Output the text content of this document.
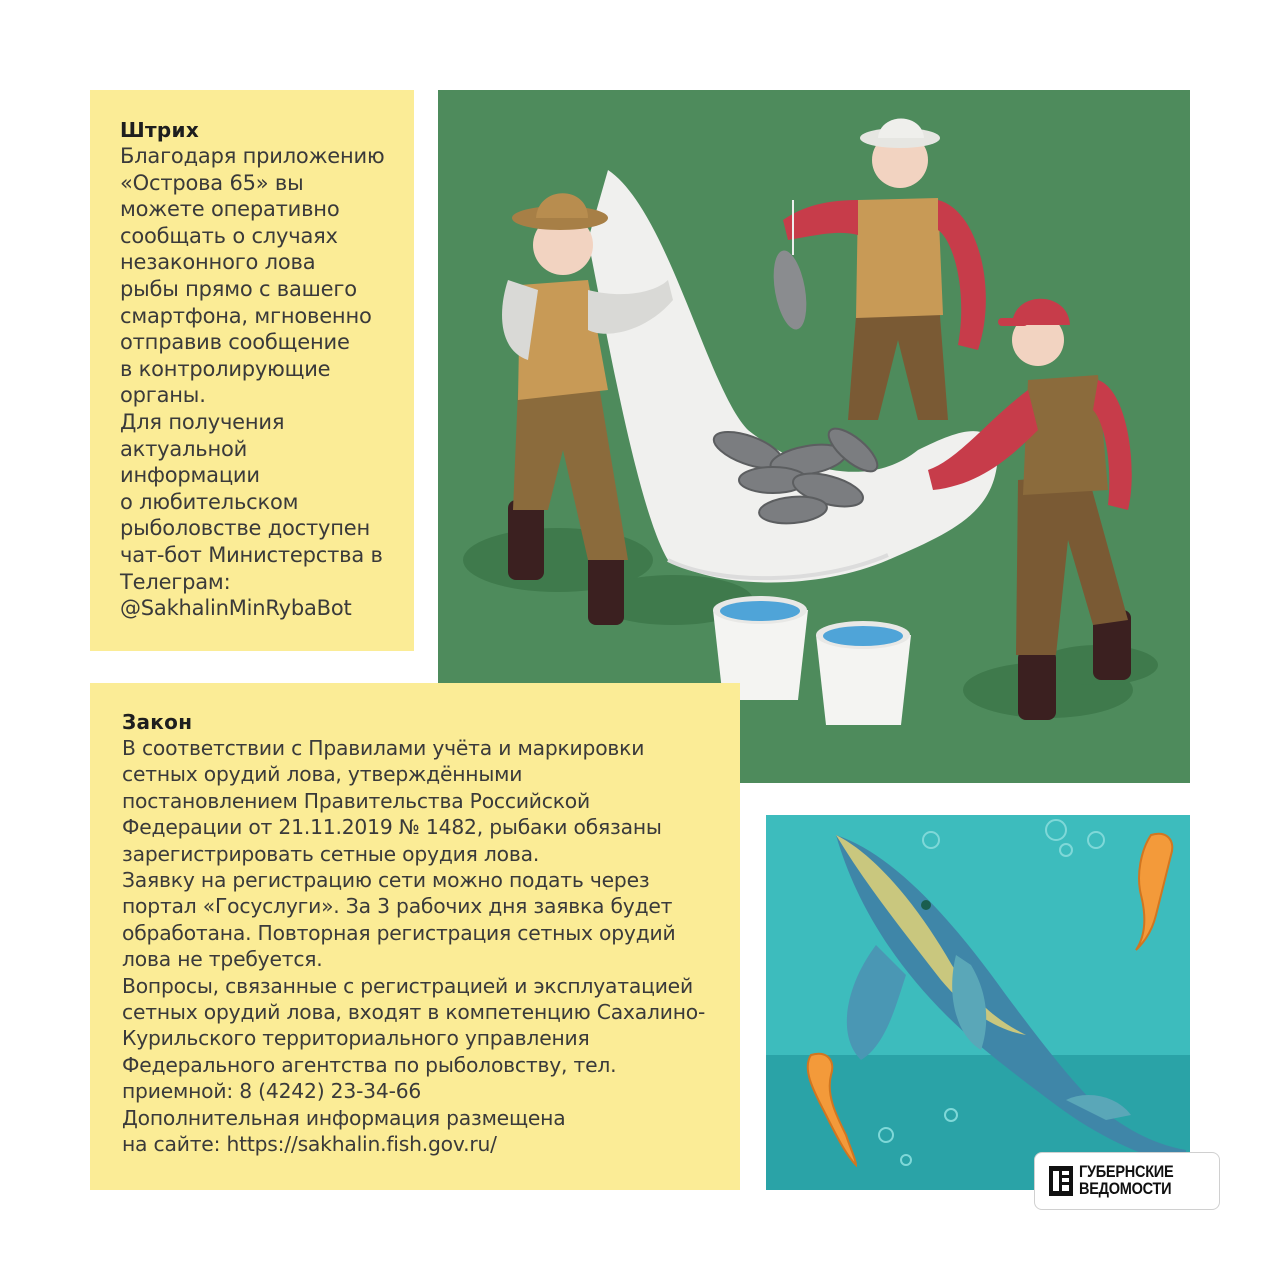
Штрих
Благодаря приложению
«Острова 65» вы
можете оперативно
сообщать о случаях
незаконного лова
рыбы прямо с вашего
смартфона, мгновенно
отправив сообщение
в контролирующие
органы.
Для получения
актуальной
информации
о любительском
рыболовстве доступен
чат-бот Министерства в
Телеграм:
@SakhalinMinRybaBot
Закон
В соответствии с Правилами учёта и маркировки
сетных орудий лова, утверждёнными
постановлением Правительства Российской
Федерации от 21.11.2019 № 1482, рыбаки обязаны
зарегистрировать сетные орудия лова.
Заявку на регистрацию сети можно подать через
портал «Госуслуги». За 3 рабочих дня заявка будет
обработана. Повторная регистрация сетных орудий
лова не требуется.
Вопросы, связанные с регистрацией и эксплуатацией
сетных орудий лова, входят в компетенцию Сахалино-
Курильского территориального управления
Федерального агентства по рыболовству, тел.
приемной: 8 (4242) 23-34-66
Дополнительная информация размещена
на сайте: https://sakhalin.fish.gov.ru/
ГУБЕРНСКИЕ
ВЕДОМОСТИ
